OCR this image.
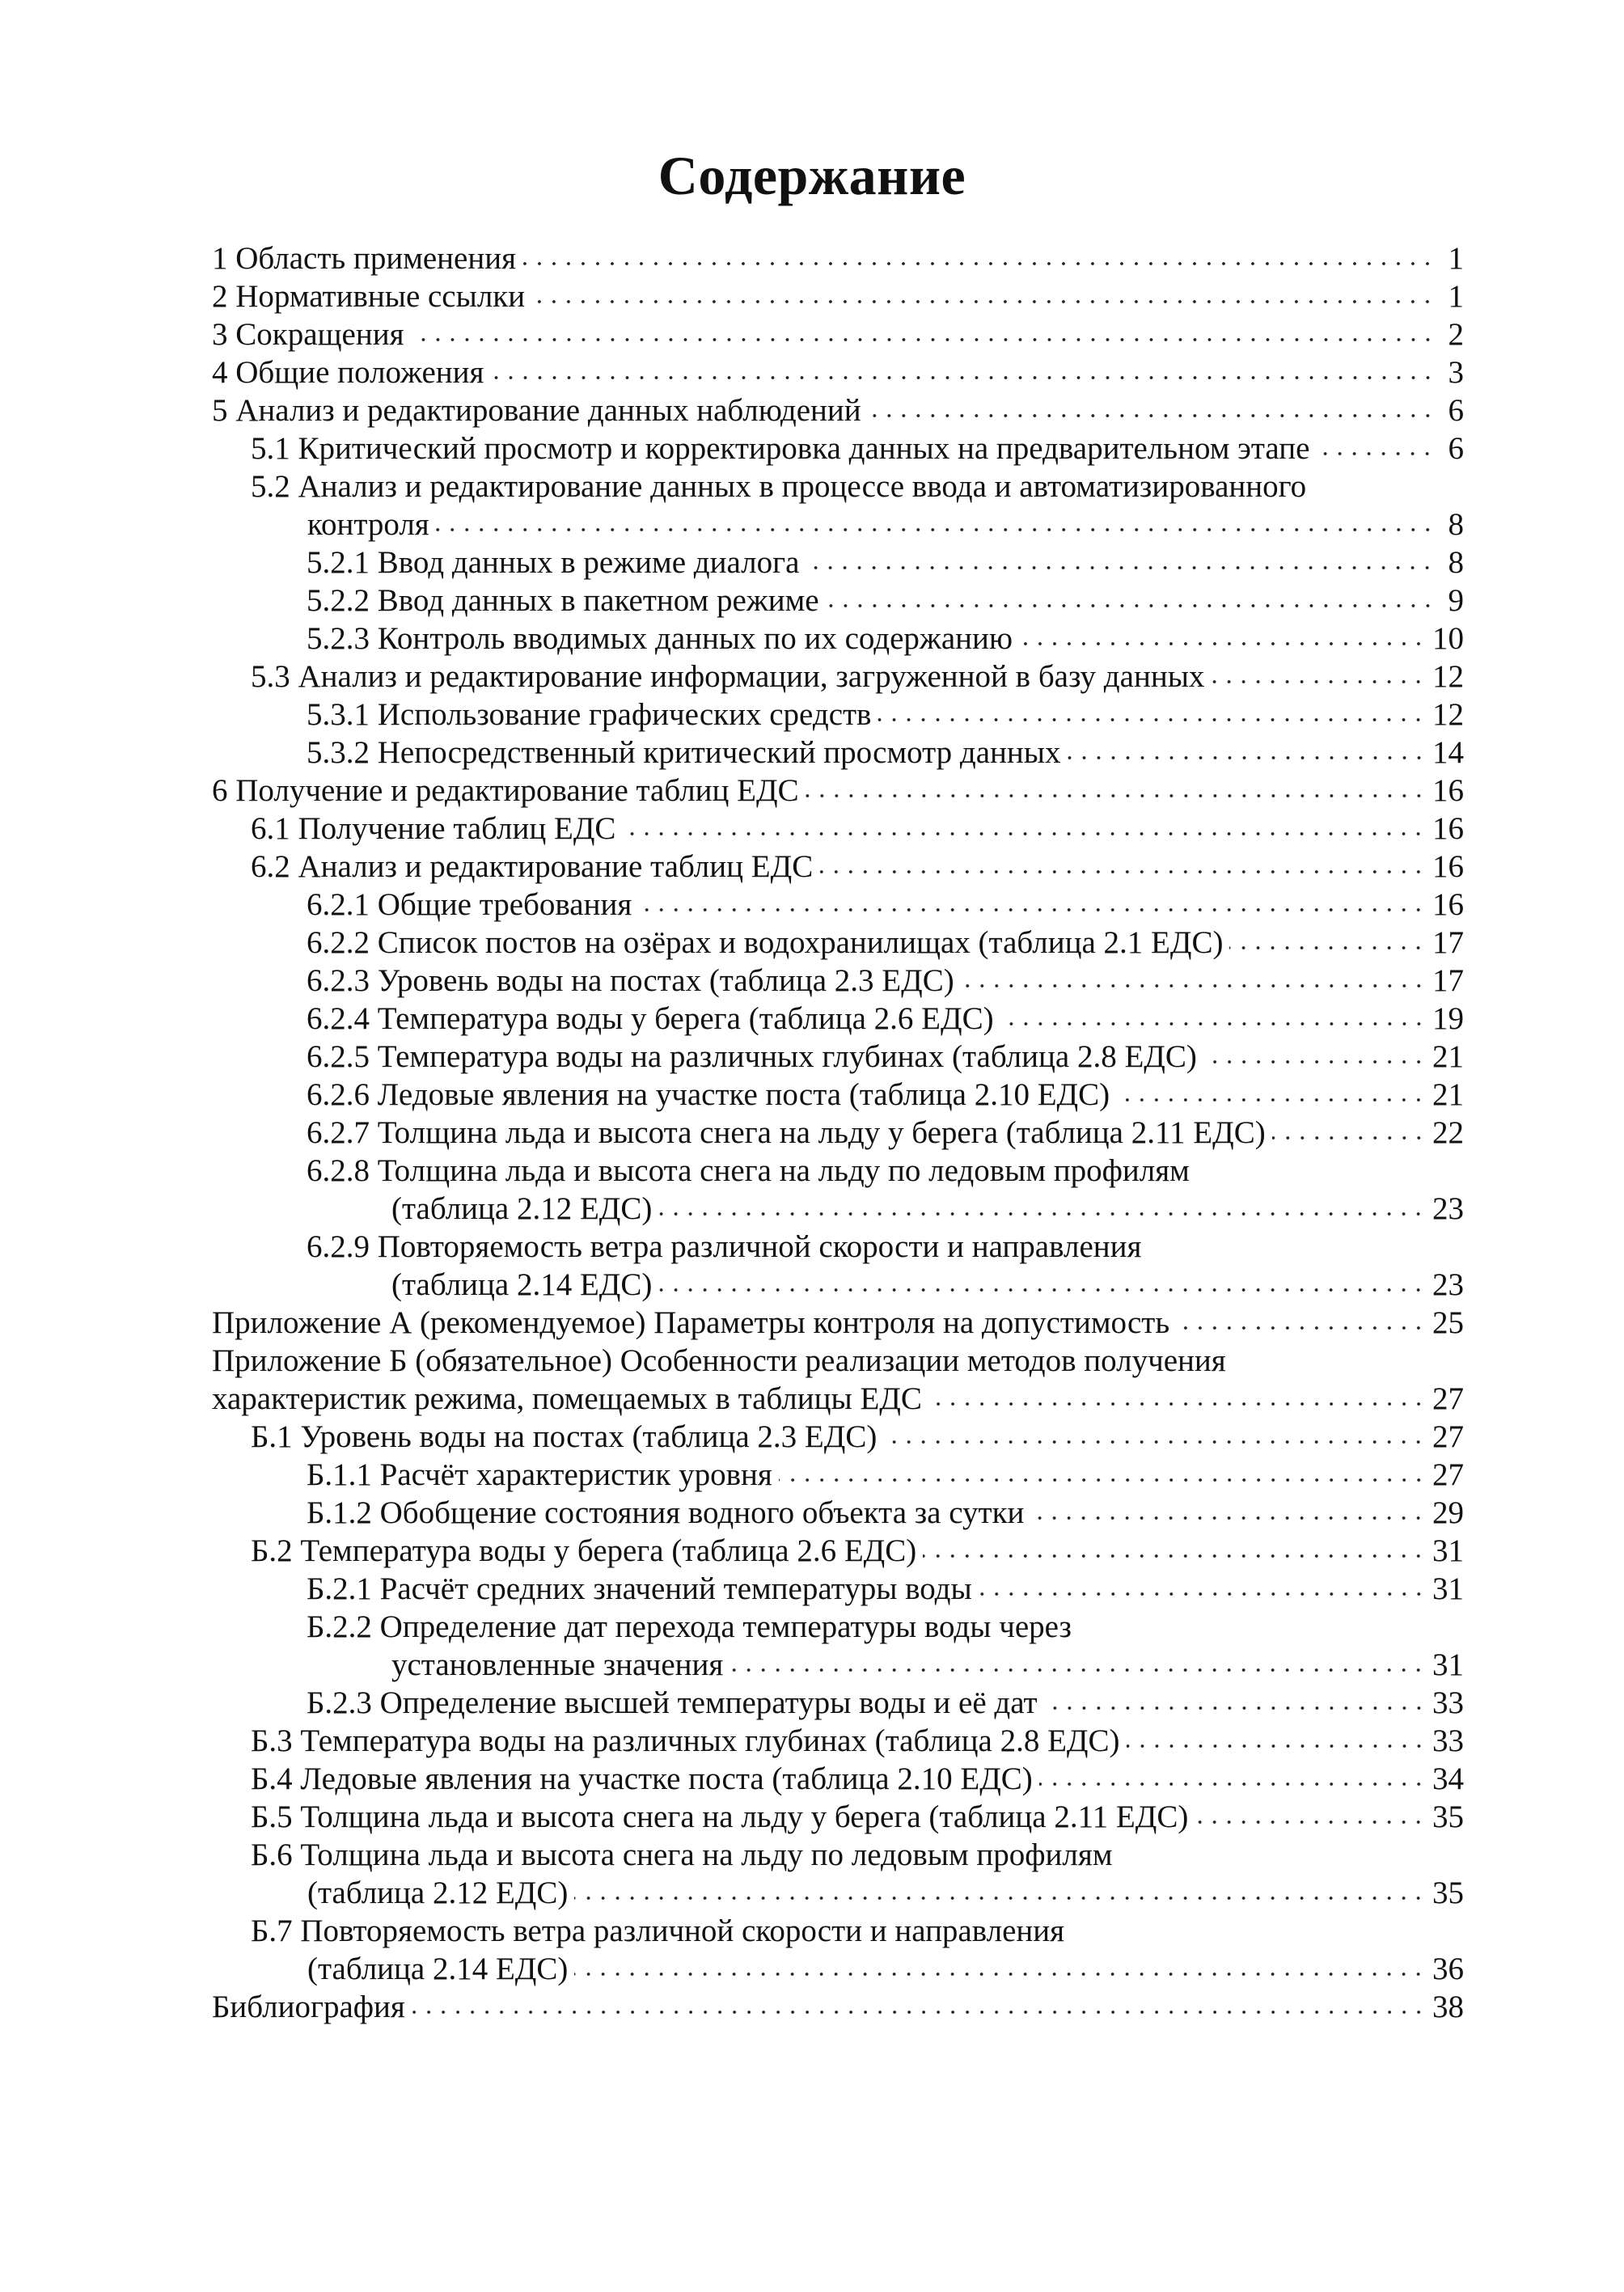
Содержание
1 Область применения	1
2 Нормативные ссылки	1
3 Сокращения	2
4 Общие положения	3
5 Анализ и редактирование данных наблюдений	6
5.1 Критический просмотр и корректировка данных на предварительном этапе	6
5.2 Анализ и редактирование данных в процессе ввода и автоматизированного
контроля	8
5.2.1 Ввод данных в режиме диалога	8
5.2.2 Ввод данных в пакетном режиме	9
5.2.3 Контроль вводимых данных по их содержанию	10
5.3 Анализ и редактирование информации, загруженной в базу данных	12
5.3.1 Использование графических средств	12
5.3.2 Непосредственный критический просмотр данных	14
6 Получение и редактирование таблиц ЕДС	16
6.1 Получение таблиц ЕДС	16
6.2 Анализ и редактирование таблиц ЕДС	16
6.2.1 Общие требования	16
6.2.2 Список постов на озёрах и водохранилищах (таблица 2.1 ЕДС)	17
6.2.3 Уровень воды на постах (таблица 2.3 ЕДС)	17
6.2.4 Температура воды у берега (таблица 2.6 ЕДС)	19
6.2.5 Температура воды на различных глубинах (таблица 2.8 ЕДС)	21
6.2.6 Ледовые явления на участке поста (таблица 2.10 ЕДС)	21
6.2.7 Толщина льда и высота снега на льду у берега (таблица 2.11 ЕДС)	22
6.2.8 Толщина льда и высота снега на льду по ледовым профилям
(таблица 2.12 ЕДС)	23
6.2.9 Повторяемость ветра различной скорости и направления
(таблица 2.14 ЕДС)	23
Приложение А (рекомендуемое) Параметры контроля на допустимость	25
Приложение Б (обязательное) Особенности реализации методов получения
характеристик режима, помещаемых в таблицы ЕДС	27
Б.1 Уровень воды на постах (таблица 2.3 ЕДС)	27
Б.1.1 Расчёт характеристик уровня	27
Б.1.2 Обобщение состояния водного объекта за сутки	29
Б.2 Температура воды у берега (таблица 2.6 ЕДС)	31
Б.2.1 Расчёт средних значений температуры воды	31
Б.2.2 Определение дат перехода температуры воды через
установленные значения	31
Б.2.3 Определение высшей температуры воды и её дат	33
Б.3 Температура воды на различных глубинах (таблица 2.8 ЕДС)	33
Б.4 Ледовые явления на участке поста (таблица 2.10 ЕДС)	34
Б.5 Толщина льда и высота снега на льду у берега (таблица 2.11 ЕДС)	35
Б.6 Толщина льда и высота снега на льду по ледовым профилям
(таблица 2.12 ЕДС)	35
Б.7 Повторяемость ветра различной скорости и направления
(таблица 2.14 ЕДС)	36
Библиография	38
